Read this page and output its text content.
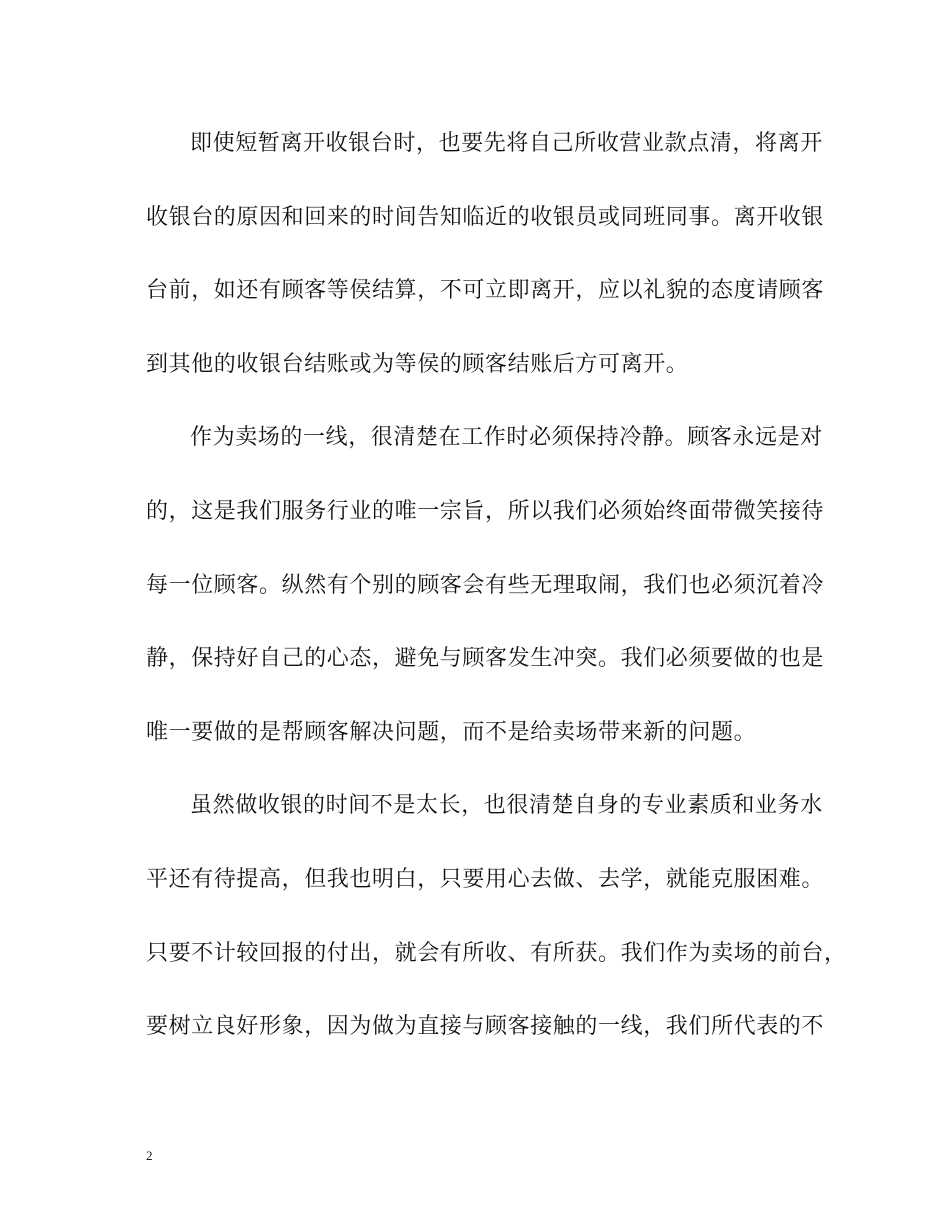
即使短暂离开收银台时，也要先将自己所收营业款点清，将离开
收银台的原因和回来的时间告知临近的收银员或同班同事。离开收银
台前，如还有顾客等侯结算，不可立即离开，应以礼貌的态度请顾客
到其他的收银台结账或为等侯的顾客结账后方可离开。
作为卖场的一线，很清楚在工作时必须保持冷静。顾客永远是对
的，这是我们服务行业的唯一宗旨，所以我们必须始终面带微笑接待
每一位顾客。纵然有个别的顾客会有些无理取闹，我们也必须沉着冷
静，保持好自己的心态，避免与顾客发生冲突。我们必须要做的也是
唯一要做的是帮顾客解决问题，而不是给卖场带来新的问题。
虽然做收银的时间不是太长，也很清楚自身的专业素质和业务水
平还有待提高，但我也明白，只要用心去做、去学，就能克服困难。
只要不计较回报的付出，就会有所收、有所获。我们作为卖场的前台，
要树立良好形象，因为做为直接与顾客接触的一线，我们所代表的不
2
